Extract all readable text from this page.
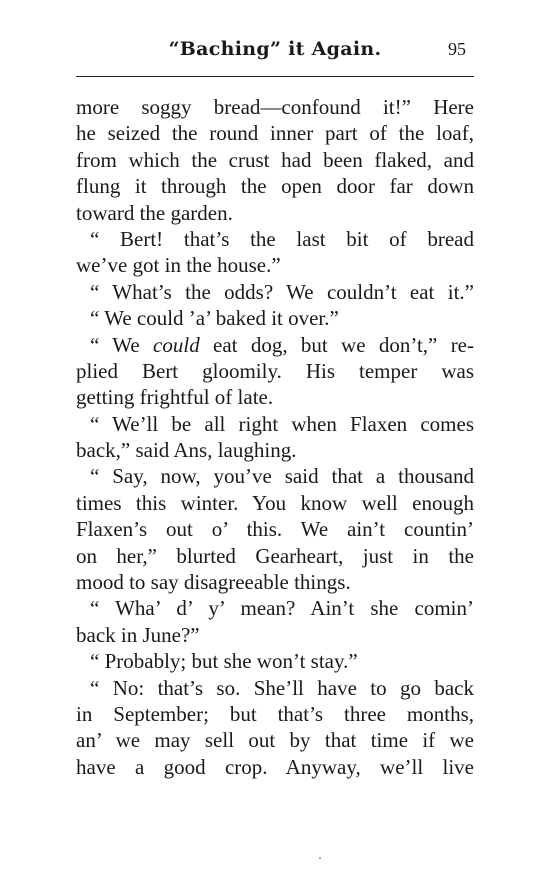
“Baching” it Again.	95
more soggy bread—confound it!” Here
he seized the round inner part of the loaf,
from which the crust had been flaked, and
flung it through the open door far down
toward the garden.
“ Bert! that’s the last bit of bread
we’ve got in the house.”
“ What’s the odds? We couldn’t eat it.”
“ We could ’a’ baked it over.”
“ We could eat dog, but we don’t,” re-
plied Bert gloomily. His temper was
getting frightful of late.
“ We’ll be all right when Flaxen comes
back,” said Ans, laughing.
“ Say, now, you’ve said that a thousand
times this winter. You know well enough
Flaxen’s out o’ this. We ain’t countin’
on her,” blurted Gearheart, just in the
mood to say disagreeable things.
“ Wha’ d’ y’ mean? Ain’t she comin’
back in June?”
“ Probably; but she won’t stay.”
“ No: that’s so. She’ll have to go back
in September; but that’s three months,
an’ we may sell out by that time if we
have a good crop. Anyway, we’ll live
